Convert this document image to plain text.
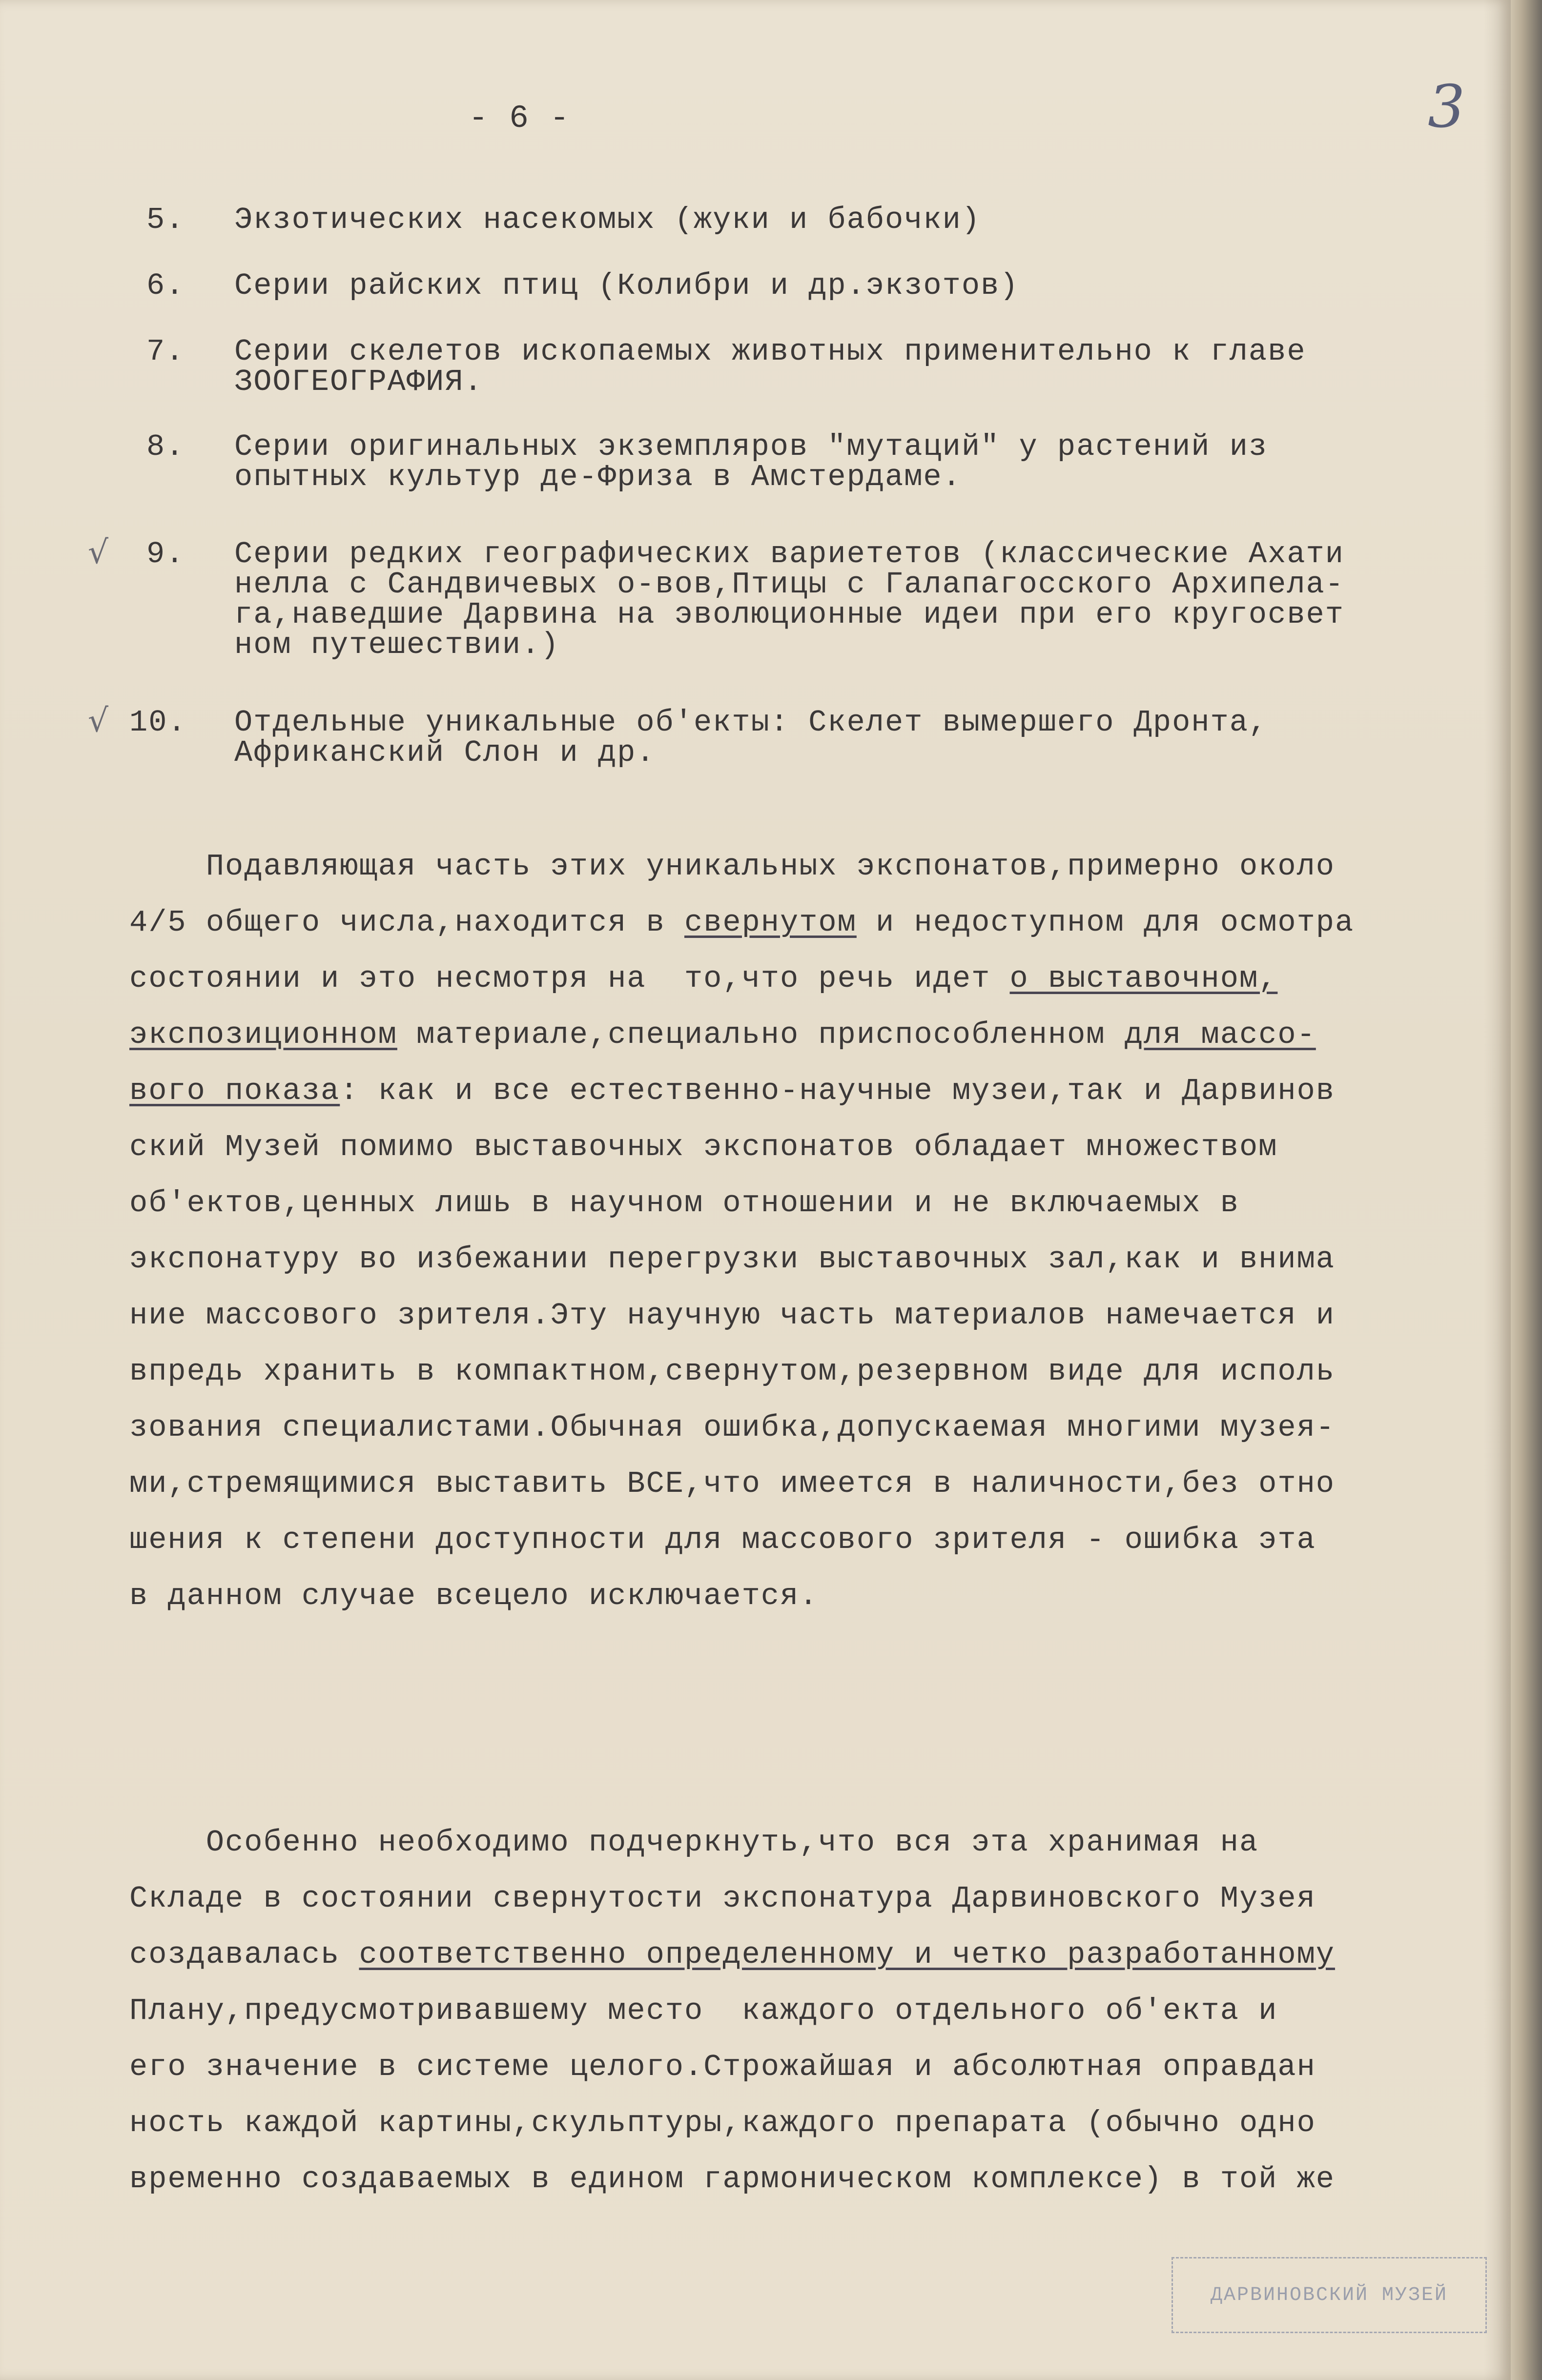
- 6 -	3
5. Экзотических насекомых (жуки и бабочки)
6. Серии райских птиц (Колибри и др.экзотов)
7. Серии скелетов ископаемых животных применительно к главе
ЗООГЕОГРАФИЯ.
8. Серии оригинальных экземпляров "мутаций" у растений из
опытных культур де-Фриза в Амстердаме.
√ 9. Серии редких географических вариететов (классические Ахати
нелла с Сандвичевых о-вов,Птицы с Галапагосского Архипела-
га,наведшие Дарвина на эволюционные идеи при его кругосвет
ном путешествии.)
√ 10. Отдельные уникальные об'екты: Скелет вымершего Дронта,
Африканский Слон и др.
Подавляющая часть этих уникальных экспонатов,примерно около
4/5 общего числа,находится в свернутом и недоступном для осмотра
состоянии и это несмотря на  то,что речь идет о выставочном,
экспозиционном материале,специально приспособленном для массо-
вого показа: как и все естественно-научные музеи,так и Дарвинов
ский Музей помимо выставочных экспонатов обладает множеством
об'ектов,ценных лишь в научном отношении и не включаемых в
экспонатуру во избежании перегрузки выставочных зал,как и внима
ние массового зрителя.Эту научную часть материалов намечается и
впредь хранить в компактном,свернутом,резервном виде для исполь
зования специалистами.Обычная ошибка,допускаемая многими музея-
ми,стремящимися выставить ВСЕ,что имеется в наличности,без отно
шения к степени доступности для массового зрителя - ошибка эта
в данном случае всецело исключается.
Особенно необходимо подчеркнуть,что вся эта хранимая на
Складе в состоянии свернутости экспонатура Дарвиновского Музея
создавалась соответственно определенному и четко разработанному
Плану,предусмотривавшему место  каждого отдельного об'екта и
его значение в системе целого.Строжайшая и абсолютная оправдан
ность каждой картины,скульптуры,каждого препарата (обычно одно
временно создаваемых в едином гармоническом комплексе) в той же
ДАРВИНОВСКИЙ МУЗЕЙ
